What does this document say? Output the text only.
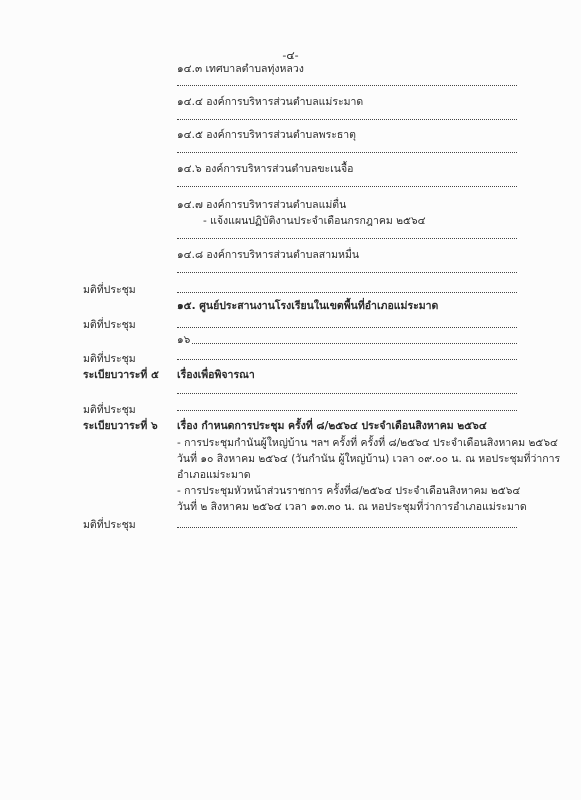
-๔-
๑๔.๓ เทศบาลตำบลทุ่งหลวง
๑๔.๔ องค์การบริหารส่วนตำบลแม่ระมาด
๑๔.๕ องค์การบริหารส่วนตำบลพระธาตุ
๑๔.๖ องค์การบริหารส่วนตำบลขะเนจื้อ
๑๔.๗ องค์การบริหารส่วนตำบลแม่ตื่น
- แจ้งแผนปฏิบัติงานประจำเดือนกรกฎาคม ๒๕๖๔
๑๔.๘ องค์การบริหารส่วนตำบลสามหมื่น
มติที่ประชุม
๑๕. ศูนย์ประสานงานโรงเรียนในเขตพื้นที่อำเภอแม่ระมาด
มติที่ประชุม
๑๖
มติที่ประชุม
ระเบียบวาระที่ ๕ เรื่องเพื่อพิจารณา
มติที่ประชุม
ระเบียบวาระที่ ๖ เรื่อง กำหนดการประชุม ครั้งที่ ๘/๒๕๖๔ ประจำเดือนสิงหาคม ๒๕๖๔
- การประชุมกำนันผู้ใหญ่บ้าน ฯลฯ ครั้งที่ ครั้งที่ ๘/๒๕๖๔ ประจำเดือนสิงหาคม ๒๕๖๔
วันที่ ๑๐ สิงหาคม ๒๕๖๔ (วันกำนัน ผู้ใหญ่บ้าน) เวลา ๐๙.๐๐ น. ณ หอประชุมที่ว่าการ
อำเภอแม่ระมาด
- การประชุมหัวหน้าส่วนราชการ ครั้งที่๘/๒๕๖๔ ประจำเดือนสิงหาคม ๒๕๖๔
วันที่ ๒ สิงหาคม ๒๕๖๔ เวลา ๑๓.๓๐ น. ณ หอประชุมที่ว่าการอำเภอแม่ระมาด
มติที่ประชุม
